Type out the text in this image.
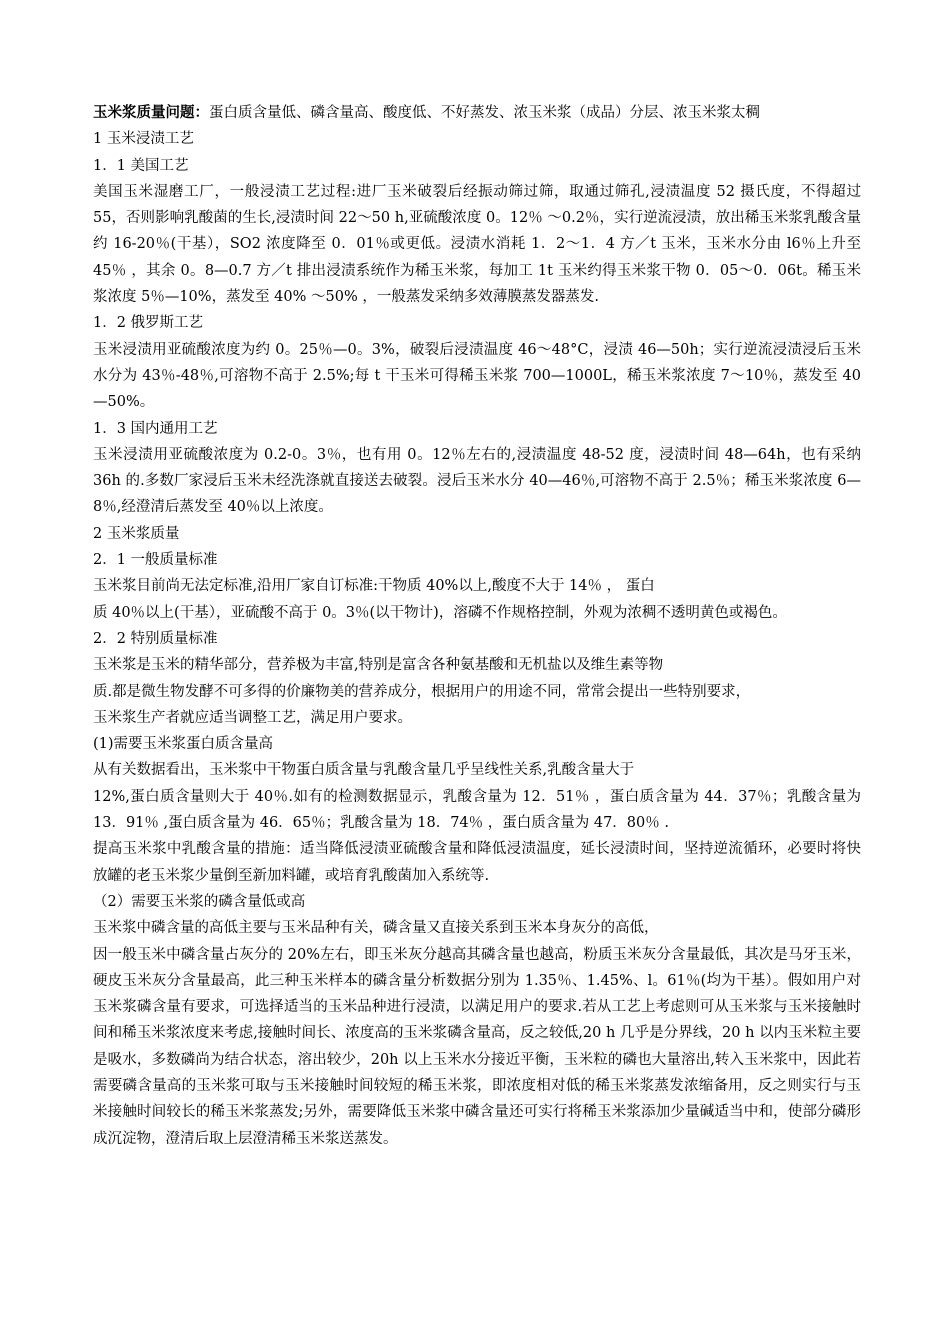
玉米浆质量问题：蛋白质含量低、磷含量高、酸度低、不好蒸发、浓玉米浆（成品）分层、浓玉米浆太稠

1 玉米浸渍工艺

1．1 美国工艺

美国玉米湿磨工厂，一般浸渍工艺过程:进厂玉米破裂后经振动筛过筛，取通过筛孔,浸渍温度 52 摄氏度，不得超过 55，否则影响乳酸菌的生长,浸渍时间 22～50 h,亚硫酸浓度 0。12％ ～0.2％，实行逆流浸渍，放出稀玉米浆乳酸含量约 16-20％(干基），SO2 浓度降至 0．01％或更低。浸渍水消耗 1．2～1．4 方／t 玉米，玉米水分由 l6％上升至 45％ ，其余 0。8—0.7 方／t 排出浸渍系统作为稀玉米浆，每加工 1t 玉米约得玉米浆干物 0．05～0．06t。稀玉米浆浓度 5％—10%，蒸发至 40% ～50% ，一般蒸发采纳多效薄膜蒸发器蒸发.

1．2 俄罗斯工艺

玉米浸渍用亚硫酸浓度为约 0。25％—0。3%，破裂后浸渍温度 46～48°C，浸渍 46—50h；实行逆流浸渍浸后玉米水分为 43％-48％,可溶物不高于 2.5%;每 t 干玉米可得稀玉米浆 700—1000L，稀玉米浆浓度 7～10％，蒸发至 40—50%。

1．3 国内通用工艺

玉米浸渍用亚硫酸浓度为 0.2-0。3％，也有用 0。12％左右的,浸渍温度 48-52 度，浸渍时间 48—64h，也有采纳 36h 的.多数厂家浸后玉米未经洗涤就直接送去破裂。浸后玉米水分 40—46％,可溶物不高于 2.5％；稀玉米浆浓度 6—8％,经澄清后蒸发至 40％以上浓度。

2 玉米浆质量

2．1 一般质量标准

玉米浆目前尚无法定标准,沿用厂家自订标准:干物质 40%以上,酸度不大于 14％ ， 蛋白

质 40％以上(干基），亚硫酸不高于 0。3％(以干物计)，溶磷不作规格控制，外观为浓稠不透明黄色或褐色。

2．2 特别质量标准

玉米浆是玉米的精华部分，营养极为丰富,特别是富含各种氨基酸和无机盐以及维生素等物

质.都是微生物发酵不可多得的价廉物美的营养成分，根据用户的用途不同，常常会提出一些特别要求，

玉米浆生产者就应适当调整工艺，满足用户要求。

(1)需要玉米浆蛋白质含量高

从有关数据看出，玉米浆中干物蛋白质含量与乳酸含量几乎呈线性关系,乳酸含量大于

12%,蛋白质含量则大于 40％.如有的检测数据显示，乳酸含量为 12．51％ ，蛋白质含量为 44．37％；乳酸含量为 13．91％ ,蛋白质含量为 46．65％；乳酸含量为 18．74％ ，蛋白质含量为 47．80％ .

提高玉米浆中乳酸含量的措施：适当降低浸渍亚硫酸含量和降低浸渍温度，延长浸渍时间，坚持逆流循环，必要时将快放罐的老玉米浆少量倒至新加料罐，或培育乳酸菌加入系统等.

（2）需要玉米浆的磷含量低或高

玉米浆中磷含量的高低主要与玉米品种有关，磷含量又直接关系到玉米本身灰分的高低，

因一般玉米中磷含量占灰分的 20%左右，即玉米灰分越高其磷含量也越高，粉质玉米灰分含量最低，其次是马牙玉米，硬皮玉米灰分含量最高，此三种玉米样本的磷含量分析数据分别为 1.35％、1.45%、l。61％(均为干基）。假如用户对玉米浆磷含量有要求，可选择适当的玉米品种进行浸渍，以满足用户的要求.若从工艺上考虑则可从玉米浆与玉米接触时间和稀玉米浆浓度来考虑,接触时间长、浓度高的玉米浆磷含量高，反之较低,20 h 几乎是分界线，20 h 以内玉米粒主要是吸水，多数磷尚为结合状态，溶出较少，20h 以上玉米水分接近平衡，玉米粒的磷也大量溶出,转入玉米浆中，因此若需要磷含量高的玉米浆可取与玉米接触时间较短的稀玉米浆，即浓度相对低的稀玉米浆蒸发浓缩备用，反之则实行与玉米接触时间较长的稀玉米浆蒸发;另外，需要降低玉米浆中磷含量还可实行将稀玉米浆添加少量碱适当中和，使部分磷形成沉淀物，澄清后取上层澄清稀玉米浆送蒸发。
